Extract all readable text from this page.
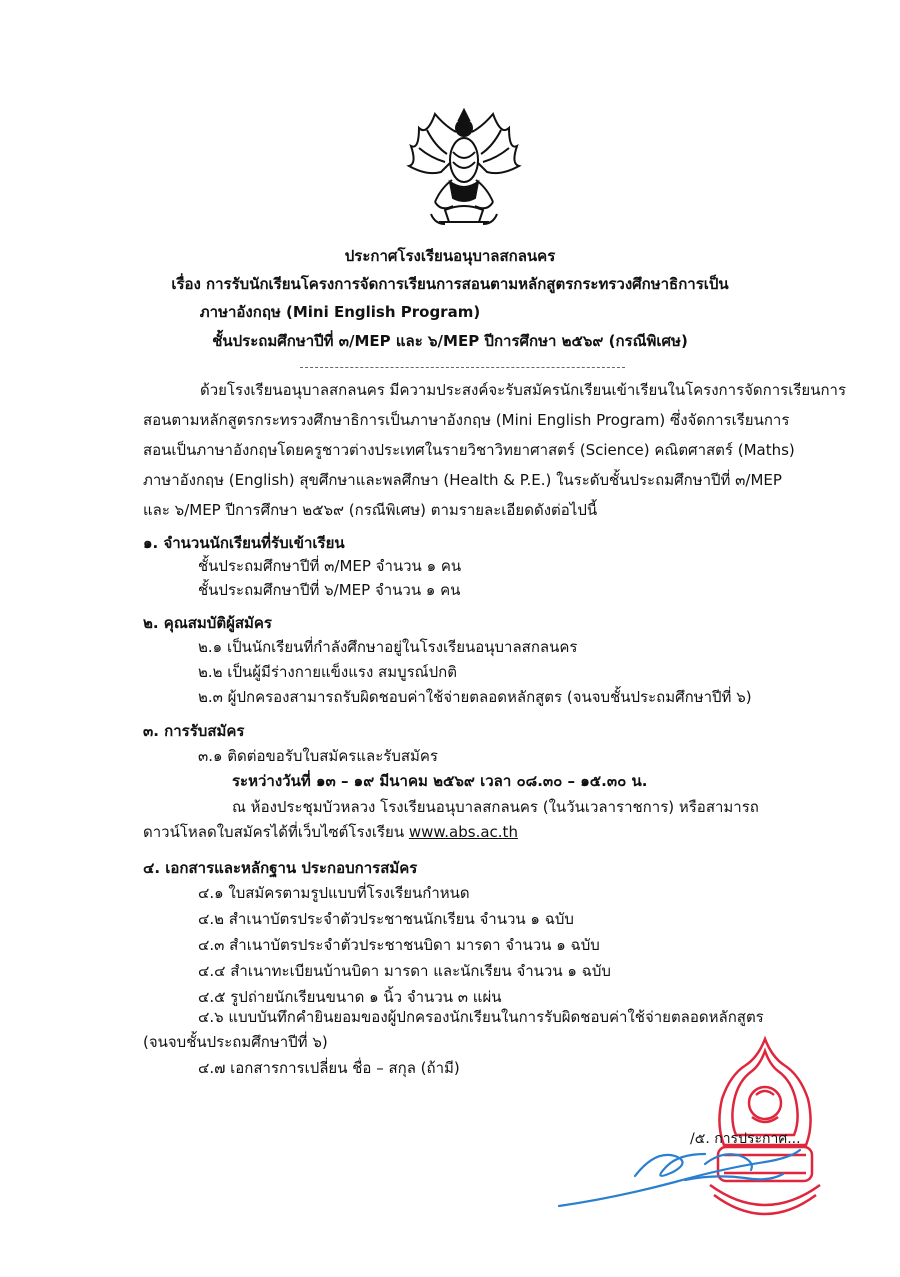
ประกาศโรงเรียนอนุบาลสกลนคร
เรื่อง การรับนักเรียนโครงการจัดการเรียนการสอนตามหลักสูตรกระทรวงศึกษาธิการเป็น
ภาษาอังกฤษ (Mini English Program)
ชั้นประถมศึกษาปีที่ ๓/MEP และ ๖/MEP ปีการศึกษา ๒๕๖๙ (กรณีพิเศษ)
ด้วยโรงเรียนอนุบาลสกลนคร มีความประสงค์จะรับสมัครนักเรียนเข้าเรียนในโครงการจัดการเรียนการ
สอนตามหลักสูตรกระทรวงศึกษาธิการเป็นภาษาอังกฤษ (Mini English Program) ซึ่งจัดการเรียนการ
สอนเป็นภาษาอังกฤษโดยครูชาวต่างประเทศในรายวิชาวิทยาศาสตร์ (Science) คณิตศาสตร์ (Maths)
ภาษาอังกฤษ (English) สุขศึกษาและพลศึกษา (Health & P.E.) ในระดับชั้นประถมศึกษาปีที่ ๓/MEP
และ ๖/MEP ปีการศึกษา ๒๕๖๙ (กรณีพิเศษ) ตามรายละเอียดดังต่อไปนี้
๑. จำนวนนักเรียนที่รับเข้าเรียน
ชั้นประถมศึกษาปีที่ ๓/MEP จำนวน ๑ คน
ชั้นประถมศึกษาปีที่ ๖/MEP จำนวน ๑ คน
๒. คุณสมบัติผู้สมัคร
๒.๑ เป็นนักเรียนที่กำลังศึกษาอยู่ในโรงเรียนอนุบาลสกลนคร
๒.๒ เป็นผู้มีร่างกายแข็งแรง สมบูรณ์ปกติ
๒.๓ ผู้ปกครองสามารถรับผิดชอบค่าใช้จ่ายตลอดหลักสูตร (จนจบชั้นประถมศึกษาปีที่ ๖)
๓. การรับสมัคร
๓.๑ ติดต่อขอรับใบสมัครและรับสมัคร
ระหว่างวันที่ ๑๓ – ๑๙ มีนาคม ๒๕๖๙ เวลา ๐๘.๓๐ – ๑๕.๓๐ น.
ณ ห้องประชุมบัวหลวง โรงเรียนอนุบาลสกลนคร (ในวันเวลาราชการ) หรือสามารถ
ดาวน์โหลดใบสมัครได้ที่เว็บไซต์โรงเรียน www.abs.ac.th
๔. เอกสารและหลักฐาน ประกอบการสมัคร
๔.๑ ใบสมัครตามรูปแบบที่โรงเรียนกำหนด
๔.๒ สำเนาบัตรประจำตัวประชาชนนักเรียน จำนวน ๑ ฉบับ
๔.๓ สำเนาบัตรประจำตัวประชาชนบิดา มารดา จำนวน ๑ ฉบับ
๔.๔ สำเนาทะเบียนบ้านบิดา มารดา และนักเรียน จำนวน ๑ ฉบับ
๔.๕ รูปถ่ายนักเรียนขนาด ๑ นิ้ว จำนวน ๓ แผ่น
๔.๖ แบบบันทึกคำยินยอมของผู้ปกครองนักเรียนในการรับผิดชอบค่าใช้จ่ายตลอดหลักสูตร
(จนจบชั้นประถมศึกษาปีที่ ๖)
๔.๗ เอกสารการเปลี่ยน ชื่อ – สกุล (ถ้ามี)
/๕. การประกาศ...
